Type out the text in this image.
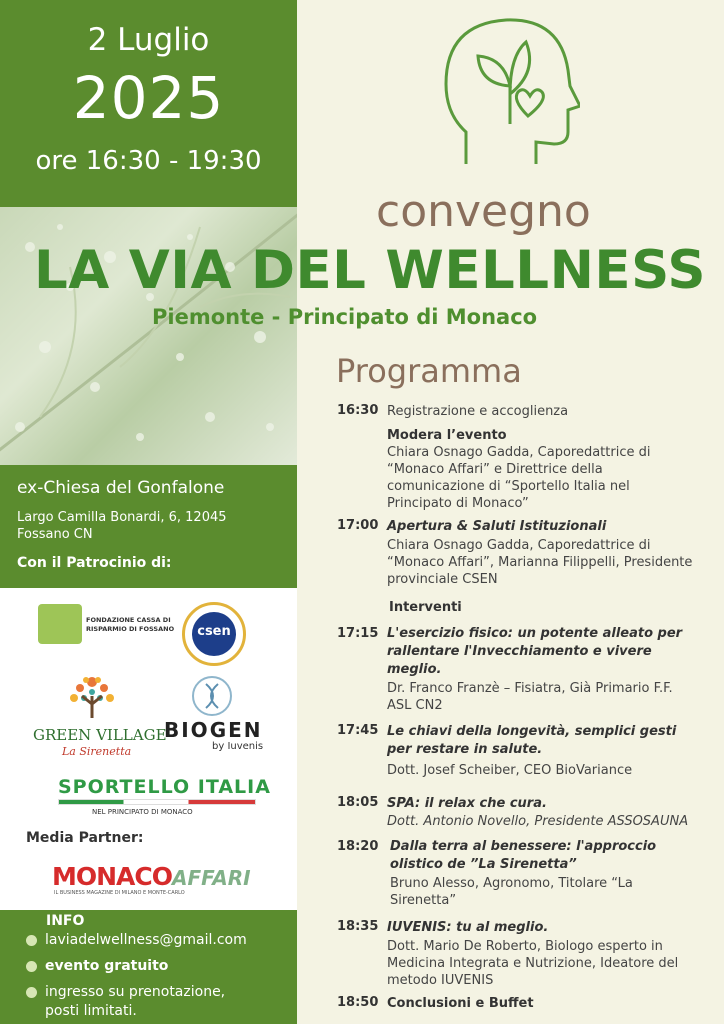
2 Luglio
2025
ore 16:30 - 19:30
convegno
LA VIA DEL WELLNESS
Piemonte - Principato di Monaco
ex-Chiesa del Gonfalone
Largo Camilla Bonardi, 6, 12045
Fossano CN
Con il Patrocinio di:
FONDAZIONE CASSA DI
RISPARMIO DI FOSSANO	csen
GREEN VILLAGE
La Sirenetta
BIOGEN
by Iuvenis
SPORTELLO ITALIA
NEL PRINCIPATO DI MONACO
Media Partner:
MONACO AFFARI
IL BUSINESS MAGAZINE DI MILANO E MONTE-CARLO
INFO
laviadelwellness@gmail.com
evento gratuito
ingresso su prenotazione,
posti limitati.
Programma
16:30 Registrazione e accoglienza
Modera l’evento
Chiara Osnago Gadda, Caporedattrice di
“Monaco Affari” e Direttrice della
comunicazione di “Sportello Italia nel
Principato di Monaco”
17:00 Apertura & Saluti Istituzionali
Chiara Osnago Gadda, Caporedattrice di
“Monaco Affari”, Marianna Filippelli, Presidente
provinciale CSEN
Interventi
17:15 L'esercizio fisico: un potente alleato per
rallentare l'Invecchiamento e vivere
meglio.
Dr. Franco Franzè – Fisiatra, Già Primario F.F.
ASL CN2
17:45 Le chiavi della longevità, semplici gesti
per restare in salute.
Dott. Josef Scheiber, CEO BioVariance
18:05 SPA: il relax che cura.
Dott. Antonio Novello, Presidente ASSOSAUNA
18:20 Dalla terra al benessere: l'approccio
olistico de ”La Sirenetta”
Bruno Alesso, Agronomo, Titolare “La
Sirenetta”
18:35 IUVENIS: tu al meglio.
Dott. Mario De Roberto, Biologo esperto in
Medicina Integrata e Nutrizione, Ideatore del
metodo IUVENIS
18:50 Conclusioni e Buffet
